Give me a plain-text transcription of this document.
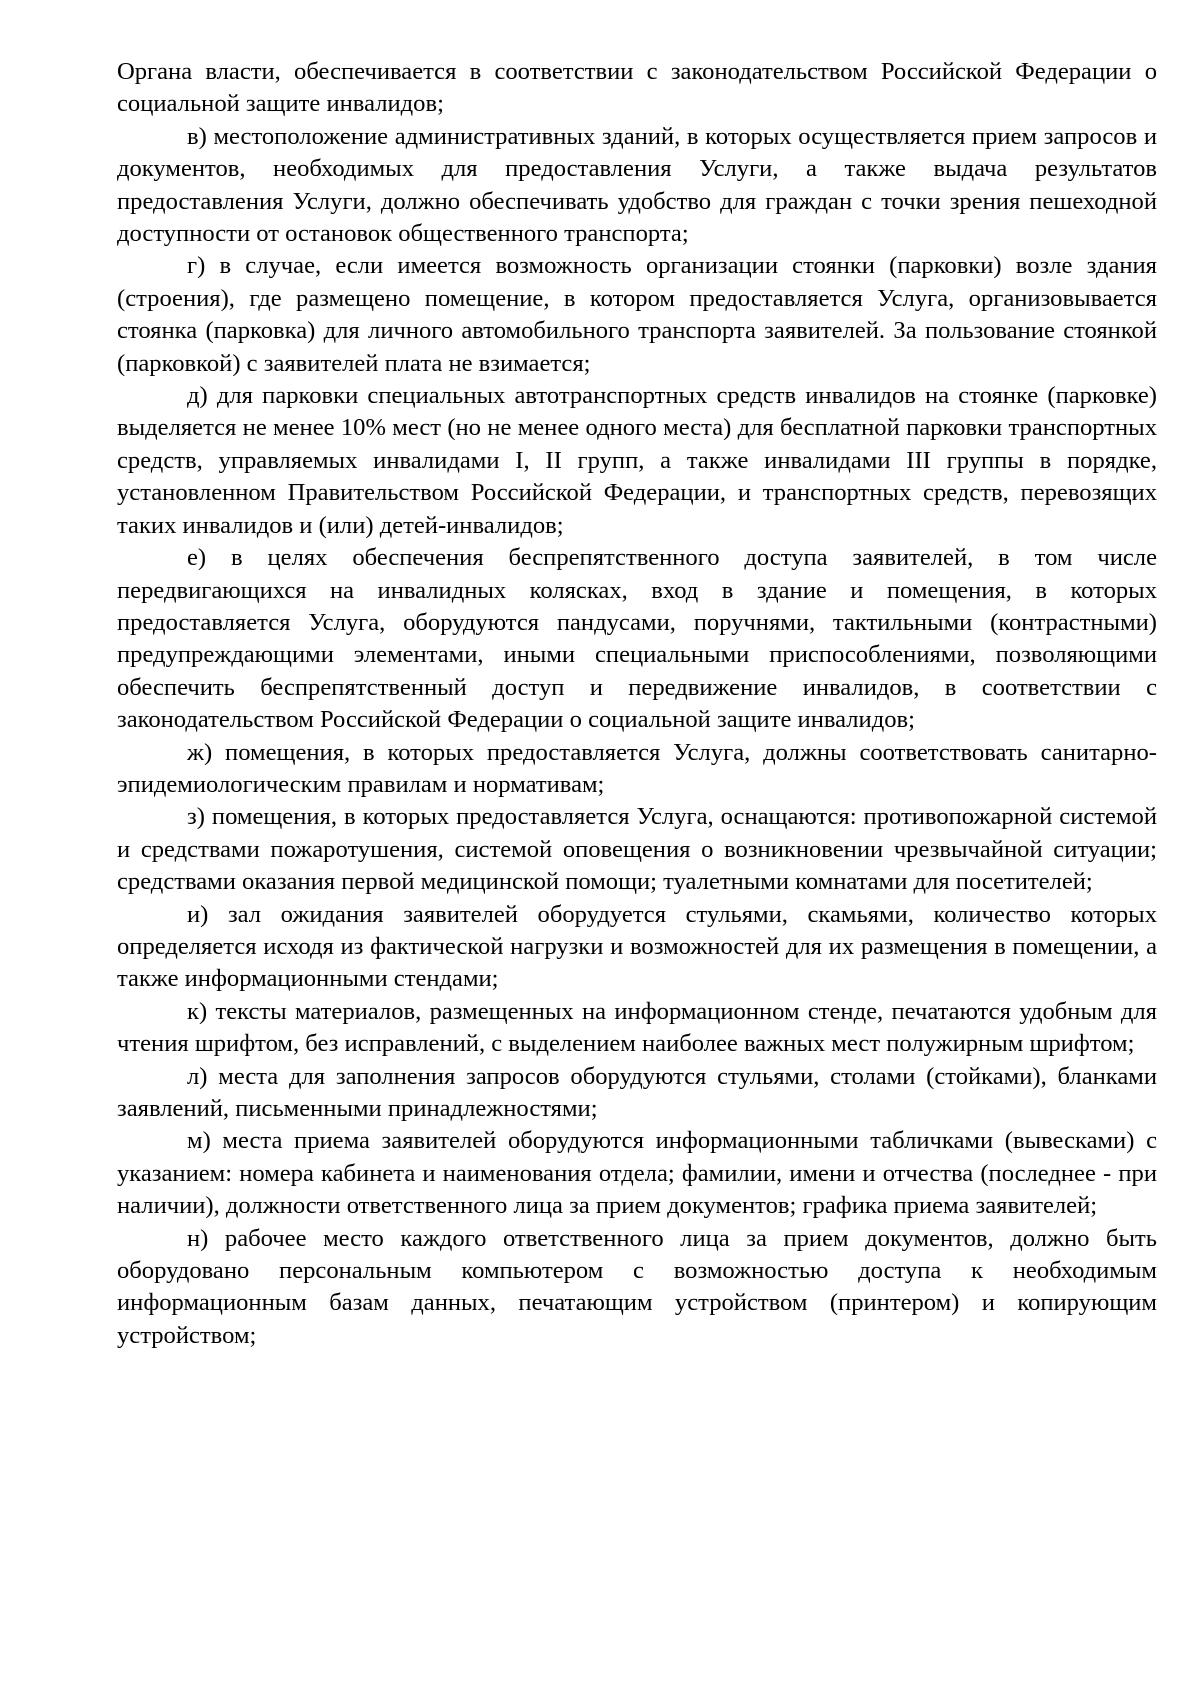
Органа власти, обеспечивается в соответствии с законодательством Российской Федерации о социальной защите инвалидов;

в) местоположение административных зданий, в которых осуществляется прием запросов и документов, необходимых для предоставления Услуги, а также выдача результатов предоставления Услуги, должно обеспечивать удобство для граждан с точки зрения пешеходной доступности от остановок общественного транспорта;

г) в случае, если имеется возможность организации стоянки (парковки) возле здания (строения), где размещено помещение, в котором предоставляется Услуга, организовывается стоянка (парковка) для личного автомобильного транспорта заявителей. За пользование стоянкой (парковкой) с заявителей плата не взимается;

д) для парковки специальных автотранспортных средств инвалидов на стоянке (парковке) выделяется не менее 10% мест (но не менее одного места) для бесплатной парковки транспортных средств, управляемых инвалидами I, II групп, а также инвалидами III группы в порядке, установленном Правительством Российской Федерации, и транспортных средств, перевозящих таких инвалидов и (или) детей-инвалидов;

е) в целях обеспечения беспрепятственного доступа заявителей, в том числе передвигающихся на инвалидных колясках, вход в здание и помещения, в которых предоставляется Услуга, оборудуются пандусами, поручнями, тактильными (контрастными) предупреждающими элементами, иными специальными приспособлениями, позволяющими обеспечить беспрепятственный доступ и передвижение инвалидов, в соответствии с законодательством Российской Федерации о социальной защите инвалидов;

ж) помещения, в которых предоставляется Услуга, должны соответствовать санитарно-эпидемиологическим правилам и нормативам;

з) помещения, в которых предоставляется Услуга, оснащаются: противопожарной системой и средствами пожаротушения, системой оповещения о возникновении чрезвычайной ситуации; средствами оказания первой медицинской помощи; туалетными комнатами для посетителей;

и) зал ожидания заявителей оборудуется стульями, скамьями, количество которых определяется исходя из фактической нагрузки и возможностей для их размещения в помещении, а также информационными стендами;

к) тексты материалов, размещенных на информационном стенде, печатаются удобным для чтения шрифтом, без исправлений, с выделением наиболее важных мест полужирным шрифтом;

л) места для заполнения запросов оборудуются стульями, столами (стойками), бланками заявлений, письменными принадлежностями;

м) места приема заявителей оборудуются информационными табличками (вывесками) с указанием: номера кабинета и наименования отдела; фамилии, имени и отчества (последнее - при наличии), должности ответственного лица за прием документов; графика приема заявителей;

н) рабочее место каждого ответственного лица за прием документов, должно быть оборудовано персональным компьютером с возможностью доступа к необходимым информационным базам данных, печатающим устройством (принтером) и копирующим устройством;
